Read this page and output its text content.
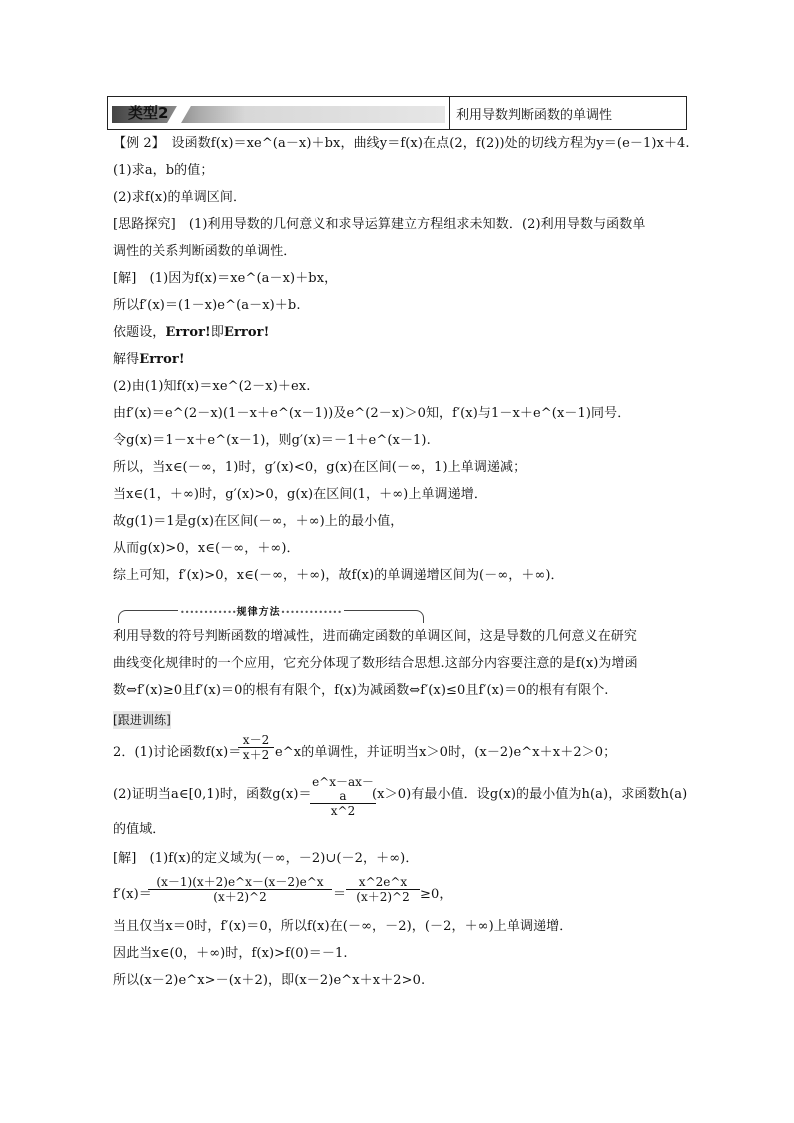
类型2	利用导数判断函数的单调性
【例 2】　设函数f(x)＝xe^(a－x)＋bx，曲线y＝f(x)在点(2，f(2))处的切线方程为y＝(e－1)x＋4.
(1)求a，b的值；
(2)求f(x)的单调区间．
[思路探究]　(1)利用导数的几何意义和求导运算建立方程组求未知数．(2)利用导数与函数单
调性的关系判断函数的单调性．
[解]　(1)因为f(x)＝xe^(a－x)＋bx，
所以f′(x)＝(1－x)e^(a－x)＋b.
依题设，Error!即Error!
解得Error!
(2)由(1)知f(x)＝xe^(2－x)＋ex.
由f′(x)＝e^(2－x)(1－x＋e^(x－1))及e^(2－x)＞0知，f′(x)与1－x＋e^(x－1)同号．
令g(x)＝1－x＋e^(x－1)，则g′(x)＝－1＋e^(x－1).
所以，当x∈(－∞，1)时，g′(x)<0，g(x)在区间(－∞，1)上单调递减；
当x∈(1，＋∞)时，g′(x)>0，g(x)在区间(1，＋∞)上单调递增．
故g(1)＝1是g(x)在区间(－∞，＋∞)上的最小值，
从而g(x)>0，x∈(－∞，＋∞)．
综上可知，f′(x)>0，x∈(－∞，＋∞)，故f(x)的单调递增区间为(－∞，＋∞)．
••••••••••••规律方法•••••••••••••
利用导数的符号判断函数的增减性，进而确定函数的单调区间，这是导数的几何意义在研究
曲线变化规律时的一个应用，它充分体现了数形结合思想.这部分内容要注意的是f(x)为增函
数⇔f′(x)≥0且f′(x)＝0的根有有限个，f(x)为减函数⇔f′(x)≤0且f′(x)＝0的根有有限个.
[跟进训练]
2．(1)讨论函数f(x)＝
x－2
x＋2 e^x的单调性，并证明当x＞0时，(x－2)e^x＋x＋2＞0；
(2)证明当a∈[0,1)时，函数g(x)＝
e^x－ax－a
x^2
(x＞0)有最小值．设g(x)的最小值为h(a)，求函数h(a)
的值域．
[解]　(1)f(x)的定义域为(－∞，－2)∪(－2，＋∞)．
f′(x)＝
(x－1)(x＋2)e^x－(x－2)e^x
(x＋2)^2	＝
x^2e^x
(x＋2)^2 ≥0，
当且仅当x＝0时，f′(x)＝0，所以f(x)在(－∞，－2)，(－2，＋∞)上单调递增．
因此当x∈(0，＋∞)时，f(x)>f(0)＝－1.
所以(x－2)e^x>－(x＋2)，即(x－2)e^x＋x＋2>0.
